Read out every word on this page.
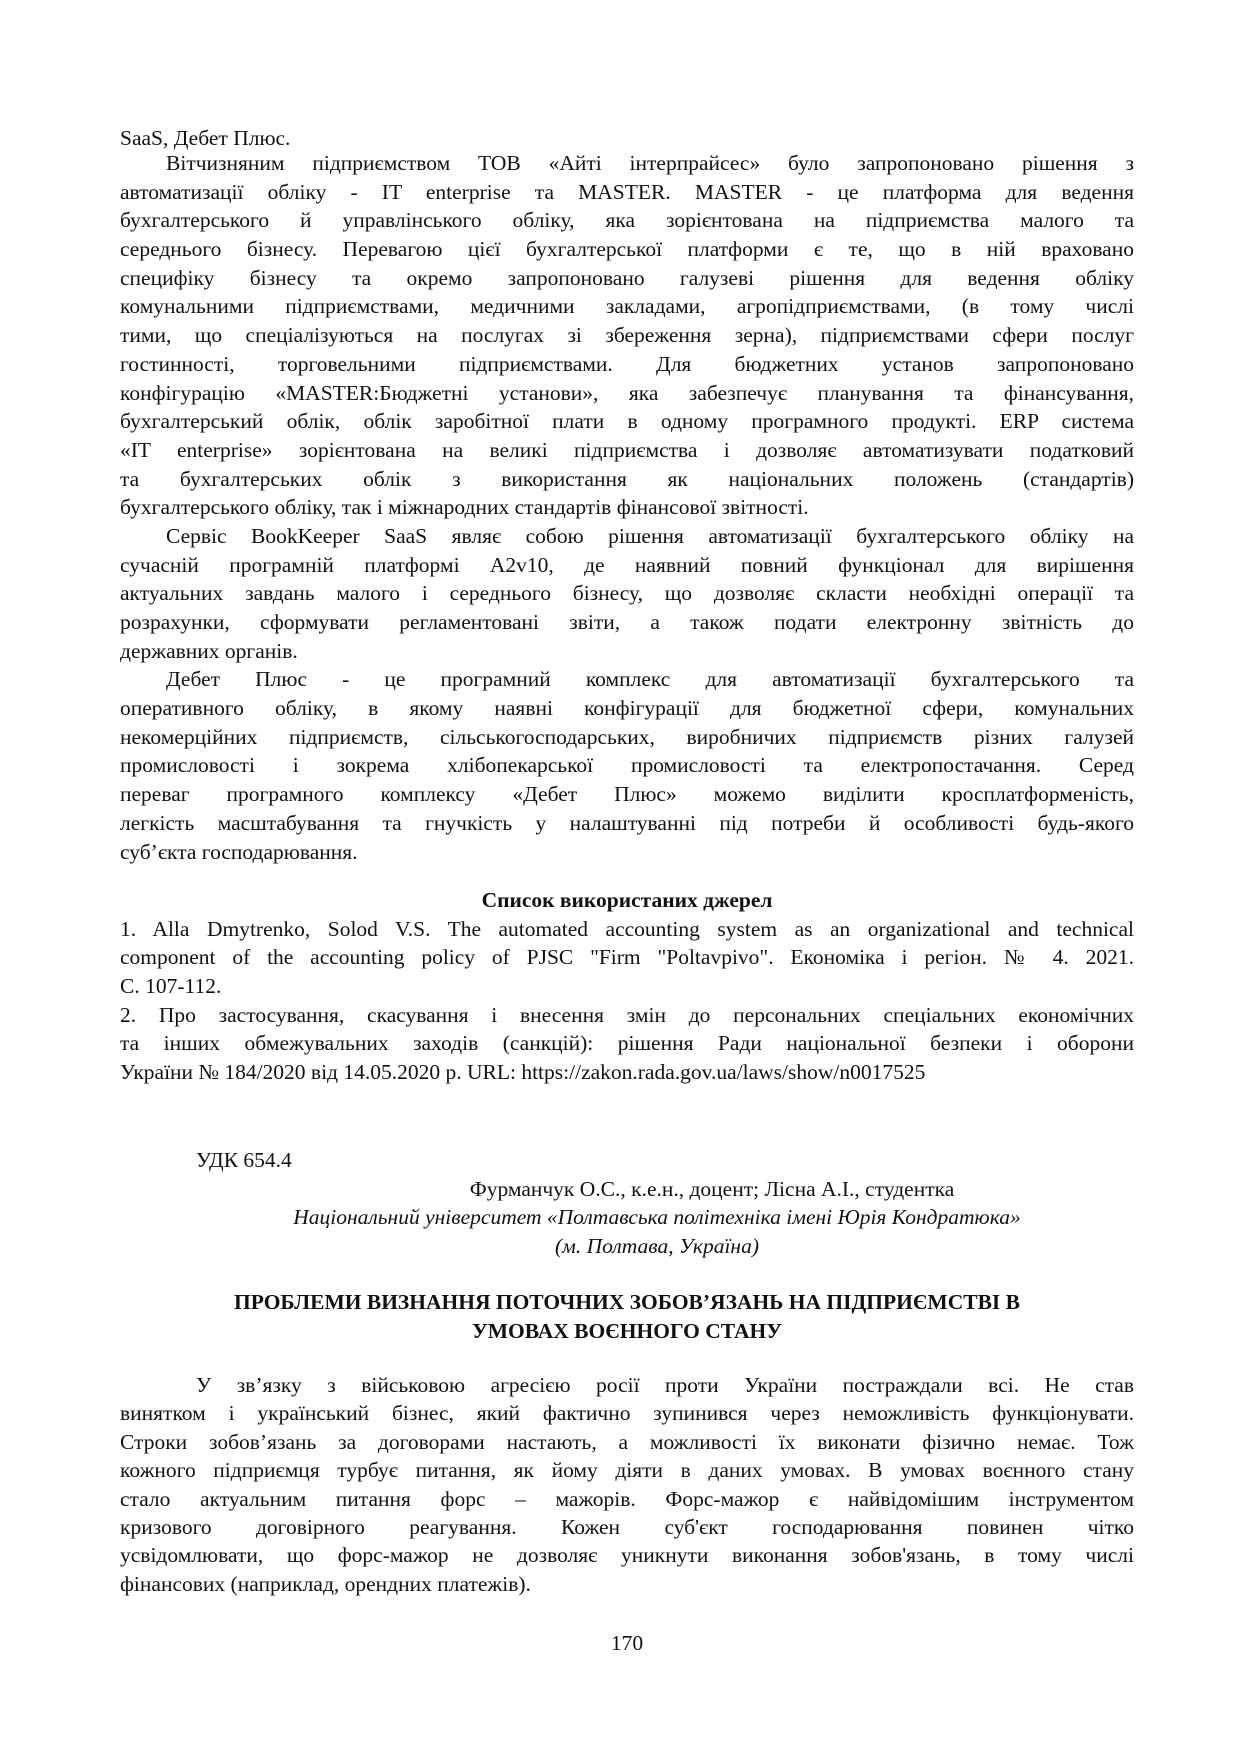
SaaS, Дебет Плюс.
Вітчизняним підприємством ТОВ «Айті інтерпрайсес» було запропоновано рішення з
автоматизації обліку - IT enterprise та MASTER. MASTER - це платформа для ведення
бухгалтерського й управлінського обліку, яка зорієнтована на підприємства малого та
середнього бізнесу. Перевагою цієї бухгалтерської платформи є те, що в ній враховано
специфіку бізнесу та окремо запропоновано галузеві рішення для ведення обліку
комунальними підприємствами, медичними закладами, агропідприємствами, (в тому числі
тими, що спеціалізуються на послугах зі збереження зерна), підприємствами сфери послуг
гостинності, торговельними підприємствами. Для бюджетних установ запропоновано
конфігурацію «MASTER:Бюджетні установи», яка забезпечує планування та фінансування,
бухгалтерський облік, облік заробітної плати в одному програмного продукті. ERP система
«IT enterprise» зорієнтована на великі підприємства і дозволяє автоматизувати податковий
та бухгалтерських облік з використання як національних положень (стандартів)
бухгалтерського обліку, так і міжнародних стандартів фінансової звітності.
Сервіс BookKeeper SaaS являє собою рішення автоматизації бухгалтерського обліку на
сучасній програмній платформі A2v10, де наявний повний функціонал для вирішення
актуальних завдань малого і середнього бізнесу, що дозволяє скласти необхідні операції та
розрахунки, сформувати регламентовані звіти, а також подати електронну звітність до
державних органів.
Дебет Плюс - це програмний комплекс для автоматизації бухгалтерського та
оперативного обліку, в якому наявні конфігурації для бюджетної сфери, комунальних
некомерційних підприємств, сільськогосподарських, виробничих підприємств різних галузей
промисловості і зокрема хлібопекарської промисловості та електропостачання. Серед
переваг програмного комплексу «Дебет Плюс» можемо виділити кросплатформеність,
легкість масштабування та гнучкість у налаштуванні під потреби й особливості будь-якого
суб’єкта господарювання.
Список використаних джерел
1. Alla Dmytrenko, Solod V.S. The automated accounting system as an organizational and technical
component of the accounting policy of PJSC "Firm "Poltavpivo". Економіка і регіон. № 4. 2021.
С. 107-112.
2. Про застосування, скасування і внесення змін до персональних спеціальних економічних
та інших обмежувальних заходів (санкцій): рішення Ради національної безпеки і оборони
України № 184/2020 від 14.05.2020 р. URL: https://zakon.rada.gov.ua/laws/show/n0017525
УДК 654.4
Фурманчук О.С., к.е.н., доцент; Лісна А.І., студентка
Національний університет «Полтавська політехніка імені Юрія Кондратюка»
(м. Полтава, Україна)
ПРОБЛЕМИ ВИЗНАННЯ ПОТОЧНИХ ЗОБОВ’ЯЗАНЬ НА ПІДПРИЄМСТВІ В
УМОВАХ ВОЄННОГО СТАНУ
У зв’язку з військовою агресією росії проти України постраждали всі. Не став
винятком і український бізнес, який фактично зупинився через неможливість функціонувати.
Строки зобов’язань за договорами настають, а можливості їх виконати фізично немає. Тож
кожного підприємця турбує питання, як йому діяти в даних умовах. В умовах воєнного стану
стало актуальним питання форс – мажорів. Форс-мажор є найвідомішим інструментом
кризового договірного реагування. Кожен суб'єкт господарювання повинен чітко
усвідомлювати, що форс-мажор не дозволяє уникнути виконання зобов'язань, в тому числі
фінансових (наприклад, орендних платежів).
170
